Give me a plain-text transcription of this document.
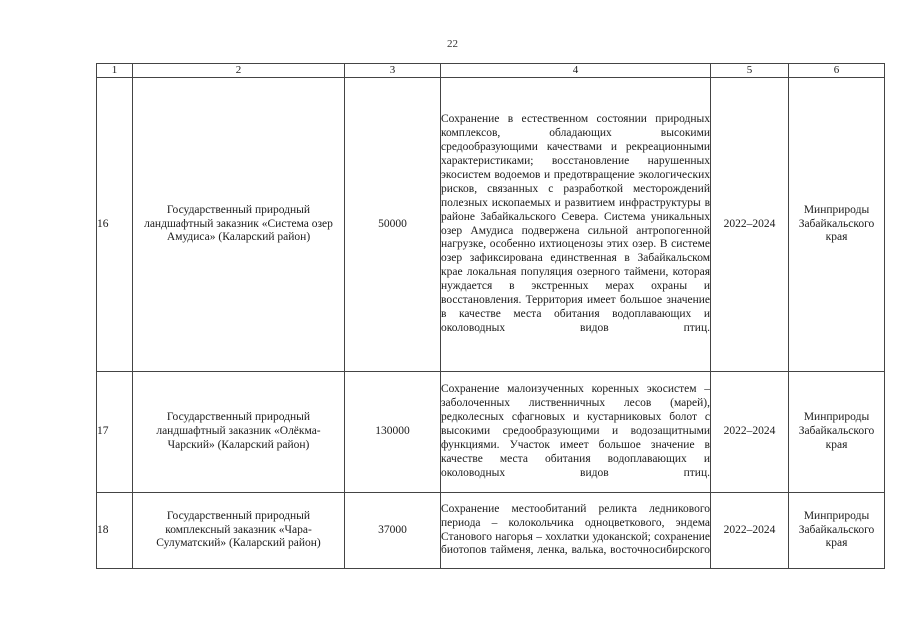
22
1	2	3	4	5	6
16	Государственный природный ландшафтный заказник «Система озер Амудиса» (Каларский район)	50000	Сохранение в естественном состоянии природных комплексов, обладающих высокими средообразующими качествами и рекреационными характеристиками; восстановление нарушенных экосистем водоемов и предотвращение экологических рисков, связанных с разработкой месторождений полезных ископаемых и развитием инфраструктуры в районе Забайкальского Севера. Система уникальных озер Амудиса подвержена сильной антропогенной нагрузке, особенно ихтиоценозы этих озер. В системе озер зафиксирована единственная в Забайкальском крае локальная популяция озерного таймени, которая нуждается в экстренных мерах охраны и восстановления. Территория имеет большое значение в качестве места обитания водоплавающих и околоводных видов птиц.	2022–2024	Минприроды Забайкальского края
17	Государственный природный ландшафтный заказник «Олёкма-Чарский» (Каларский район)	130000	Сохранение малоизученных коренных экосистем – заболоченных лиственничных лесов (марей), редколесных сфагновых и кустарниковых болот с высокими средообразующими и водозащитными функциями. Участок имеет большое значение в качестве места обитания водоплавающих и околоводных видов птиц.	2022–2024	Минприроды Забайкальского края
18	Государственный природный комплексный заказник «Чара-Сулуматский» (Каларский район)	37000	Сохранение местообитаний реликта ледникового периода – колокольчика одноцветкового, эндема Станового нагорья – хохлатки удоканской; сохранение биотопов тайменя, ленка, валька, восточносибирского	2022–2024	Минприроды Забайкальского края
